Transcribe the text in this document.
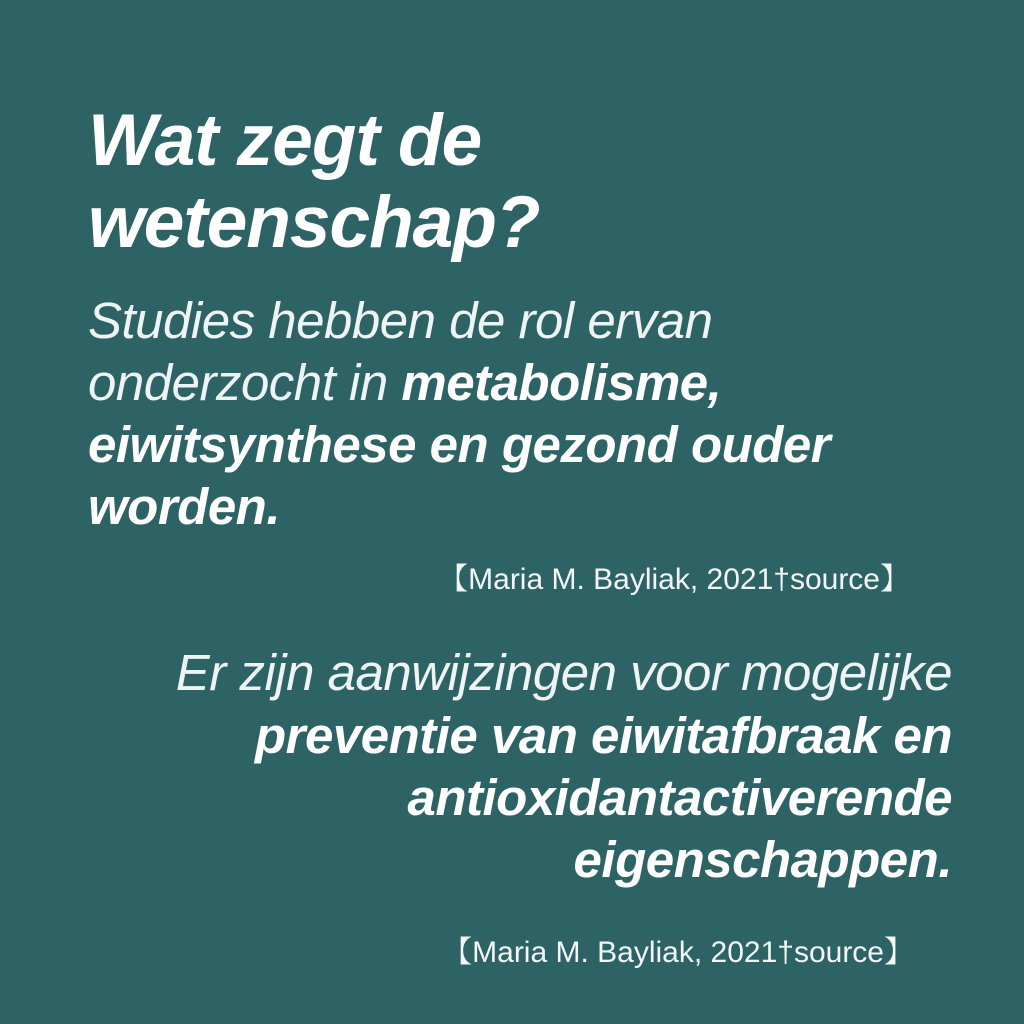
Wat zegt de wetenschap?

Studies hebben de rol ervan onderzocht in metabolisme, eiwitsynthese en gezond ouder worden.

【Maria M. Bayliak, 2021†source】

Er zijn aanwijzingen voor mogelijke preventie van eiwitafbraak en antioxidantactiverende eigenschappen.

【Maria M. Bayliak, 2021†source】
